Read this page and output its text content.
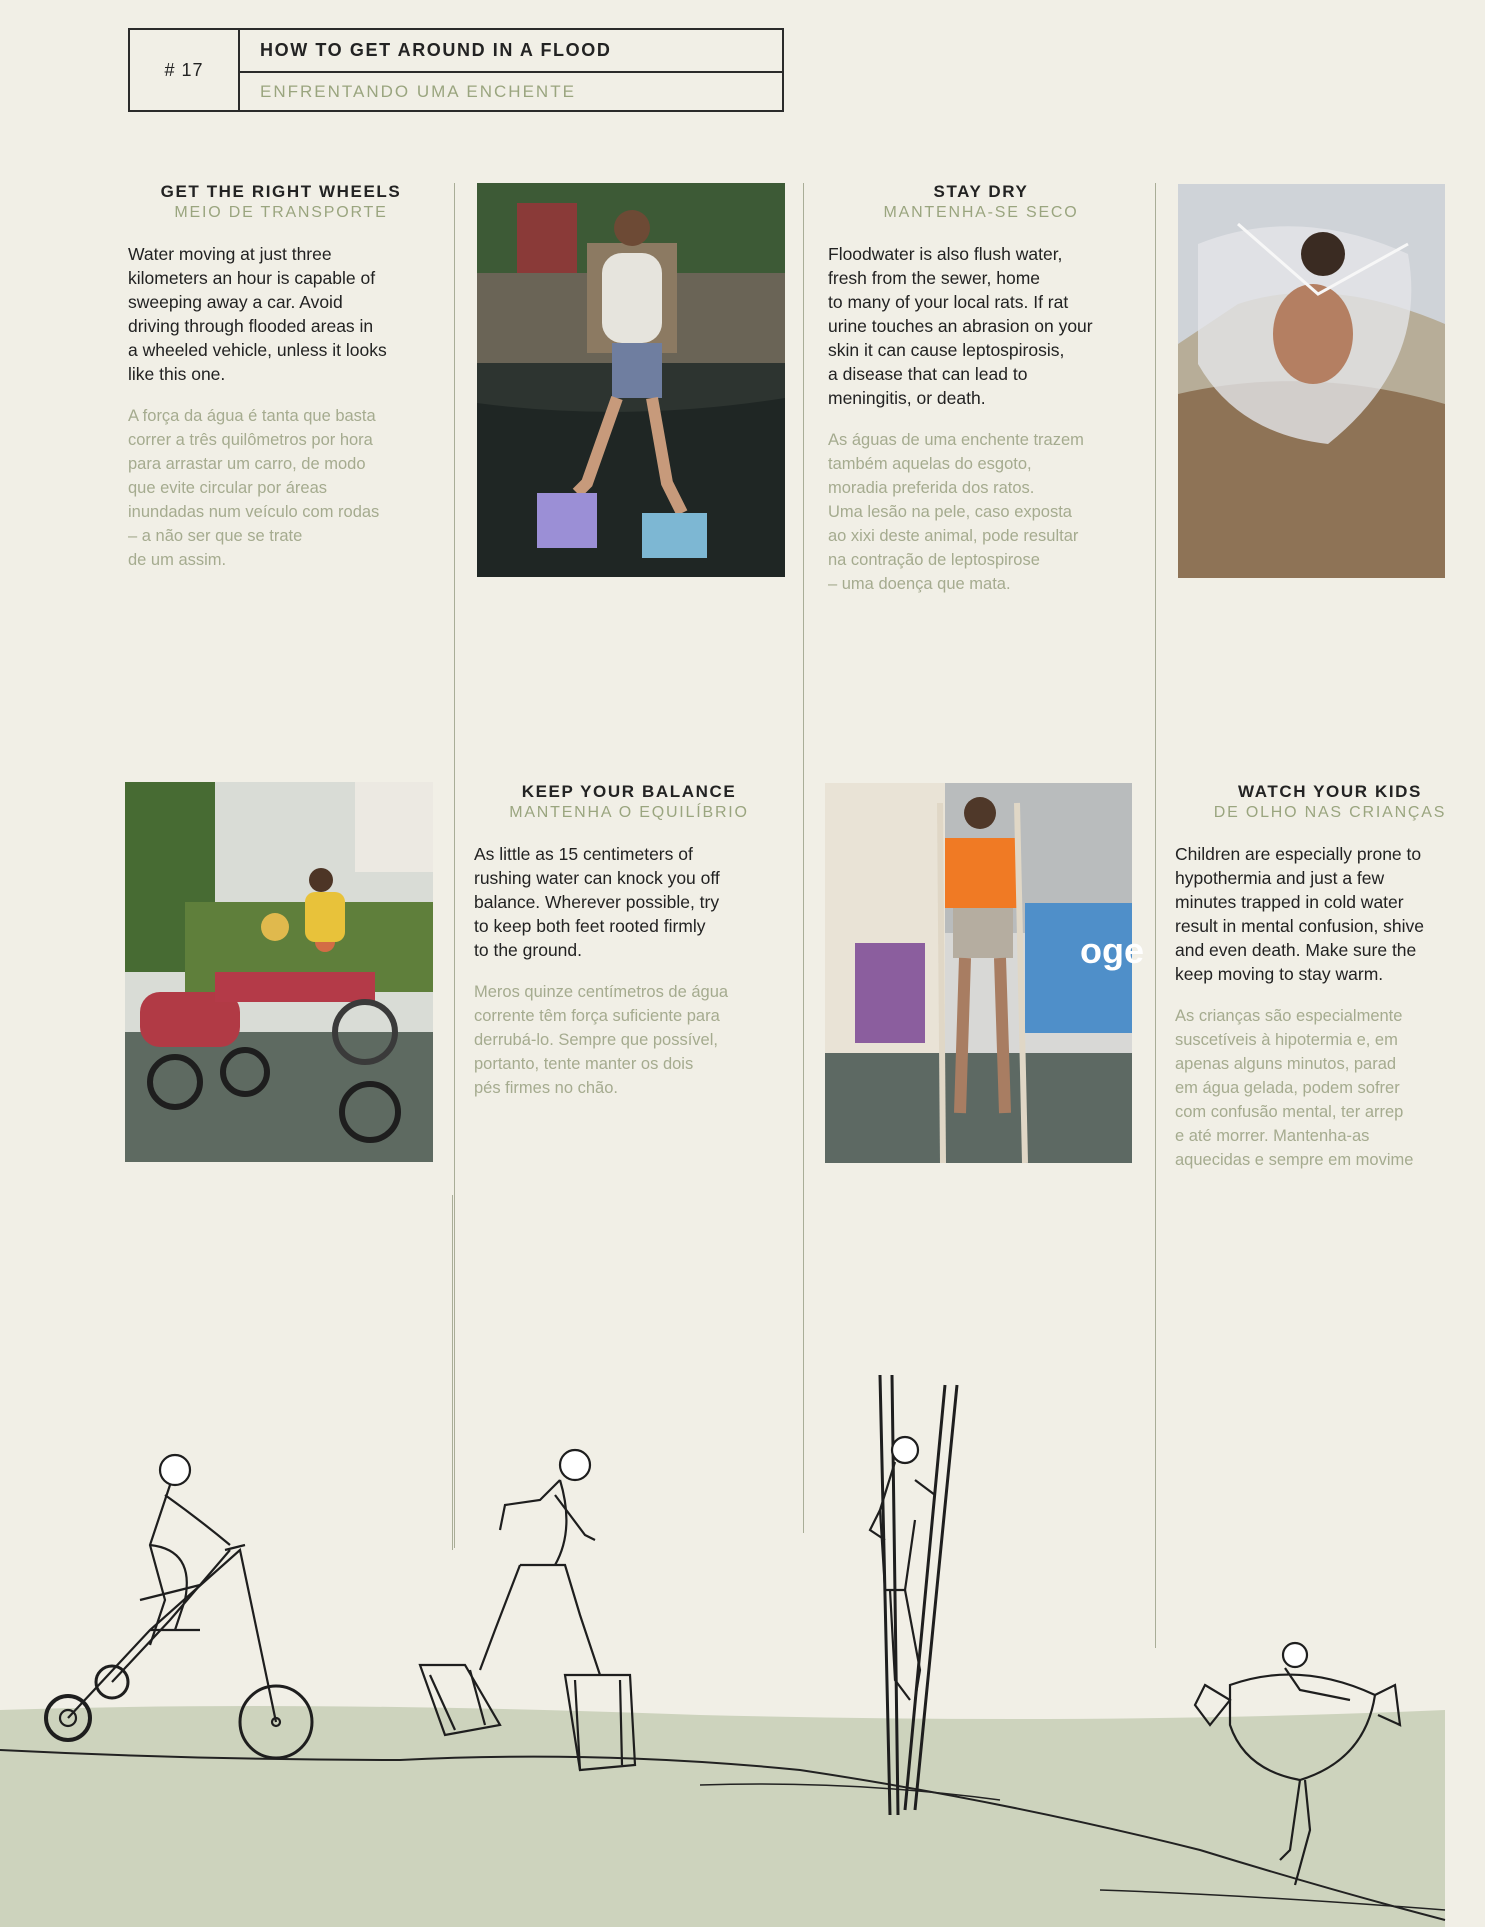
# 17
HOW TO GET AROUND IN A FLOOD
ENFRENTANDO UMA ENCHENTE
GET THE RIGHT WHEELS
MEIO DE TRANSPORTE

Water moving at just three
kilometers an hour is capable of
sweeping away a car. Avoid
driving through flooded areas in
a wheeled vehicle, unless it looks
like this one.

A força da água é tanta que basta
correr a três quilômetros por hora
para arrastar um carro, de modo
que evite circular por áreas
inundadas num veículo com rodas
– a não ser que se trate
de um assim.

STAY DRY
MANTENHA-SE SECO

Floodwater is also flush water,
fresh from the sewer, home
to many of your local rats. If rat
urine touches an abrasion on your
skin it can cause leptospirosis,
a disease that can lead to
meningitis, or death.

As águas de uma enchente trazem
também aquelas do esgoto,
moradia preferida dos ratos.
Uma lesão na pele, caso exposta
ao xixi deste animal, pode resultar
na contração de leptospirose
– uma doença que mata.

KEEP YOUR BALANCE
MANTENHA O EQUILÍBRIO

As little as 15 centimeters of
rushing water can knock you off
balance. Wherever possible, try
to keep both feet rooted firmly
to the ground.

Meros quinze centímetros de água
corrente têm força suficiente para
derrubá-lo. Sempre que possível,
portanto, tente manter os dois
pés firmes no chão.

oge
WATCH YOUR KIDS
DE OLHO NAS CRIANÇAS

Children are especially prone to
hypothermia and just a few
minutes trapped in cold water
result in mental confusion, shive
and even death. Make sure the
keep moving to stay warm.

As crianças são especialmente
suscetíveis à hipotermia e, em
apenas alguns minutos, parad
em água gelada, podem sofrer
com confusão mental, ter arrep
e até morrer. Mantenha-as
aquecidas e sempre em movime
